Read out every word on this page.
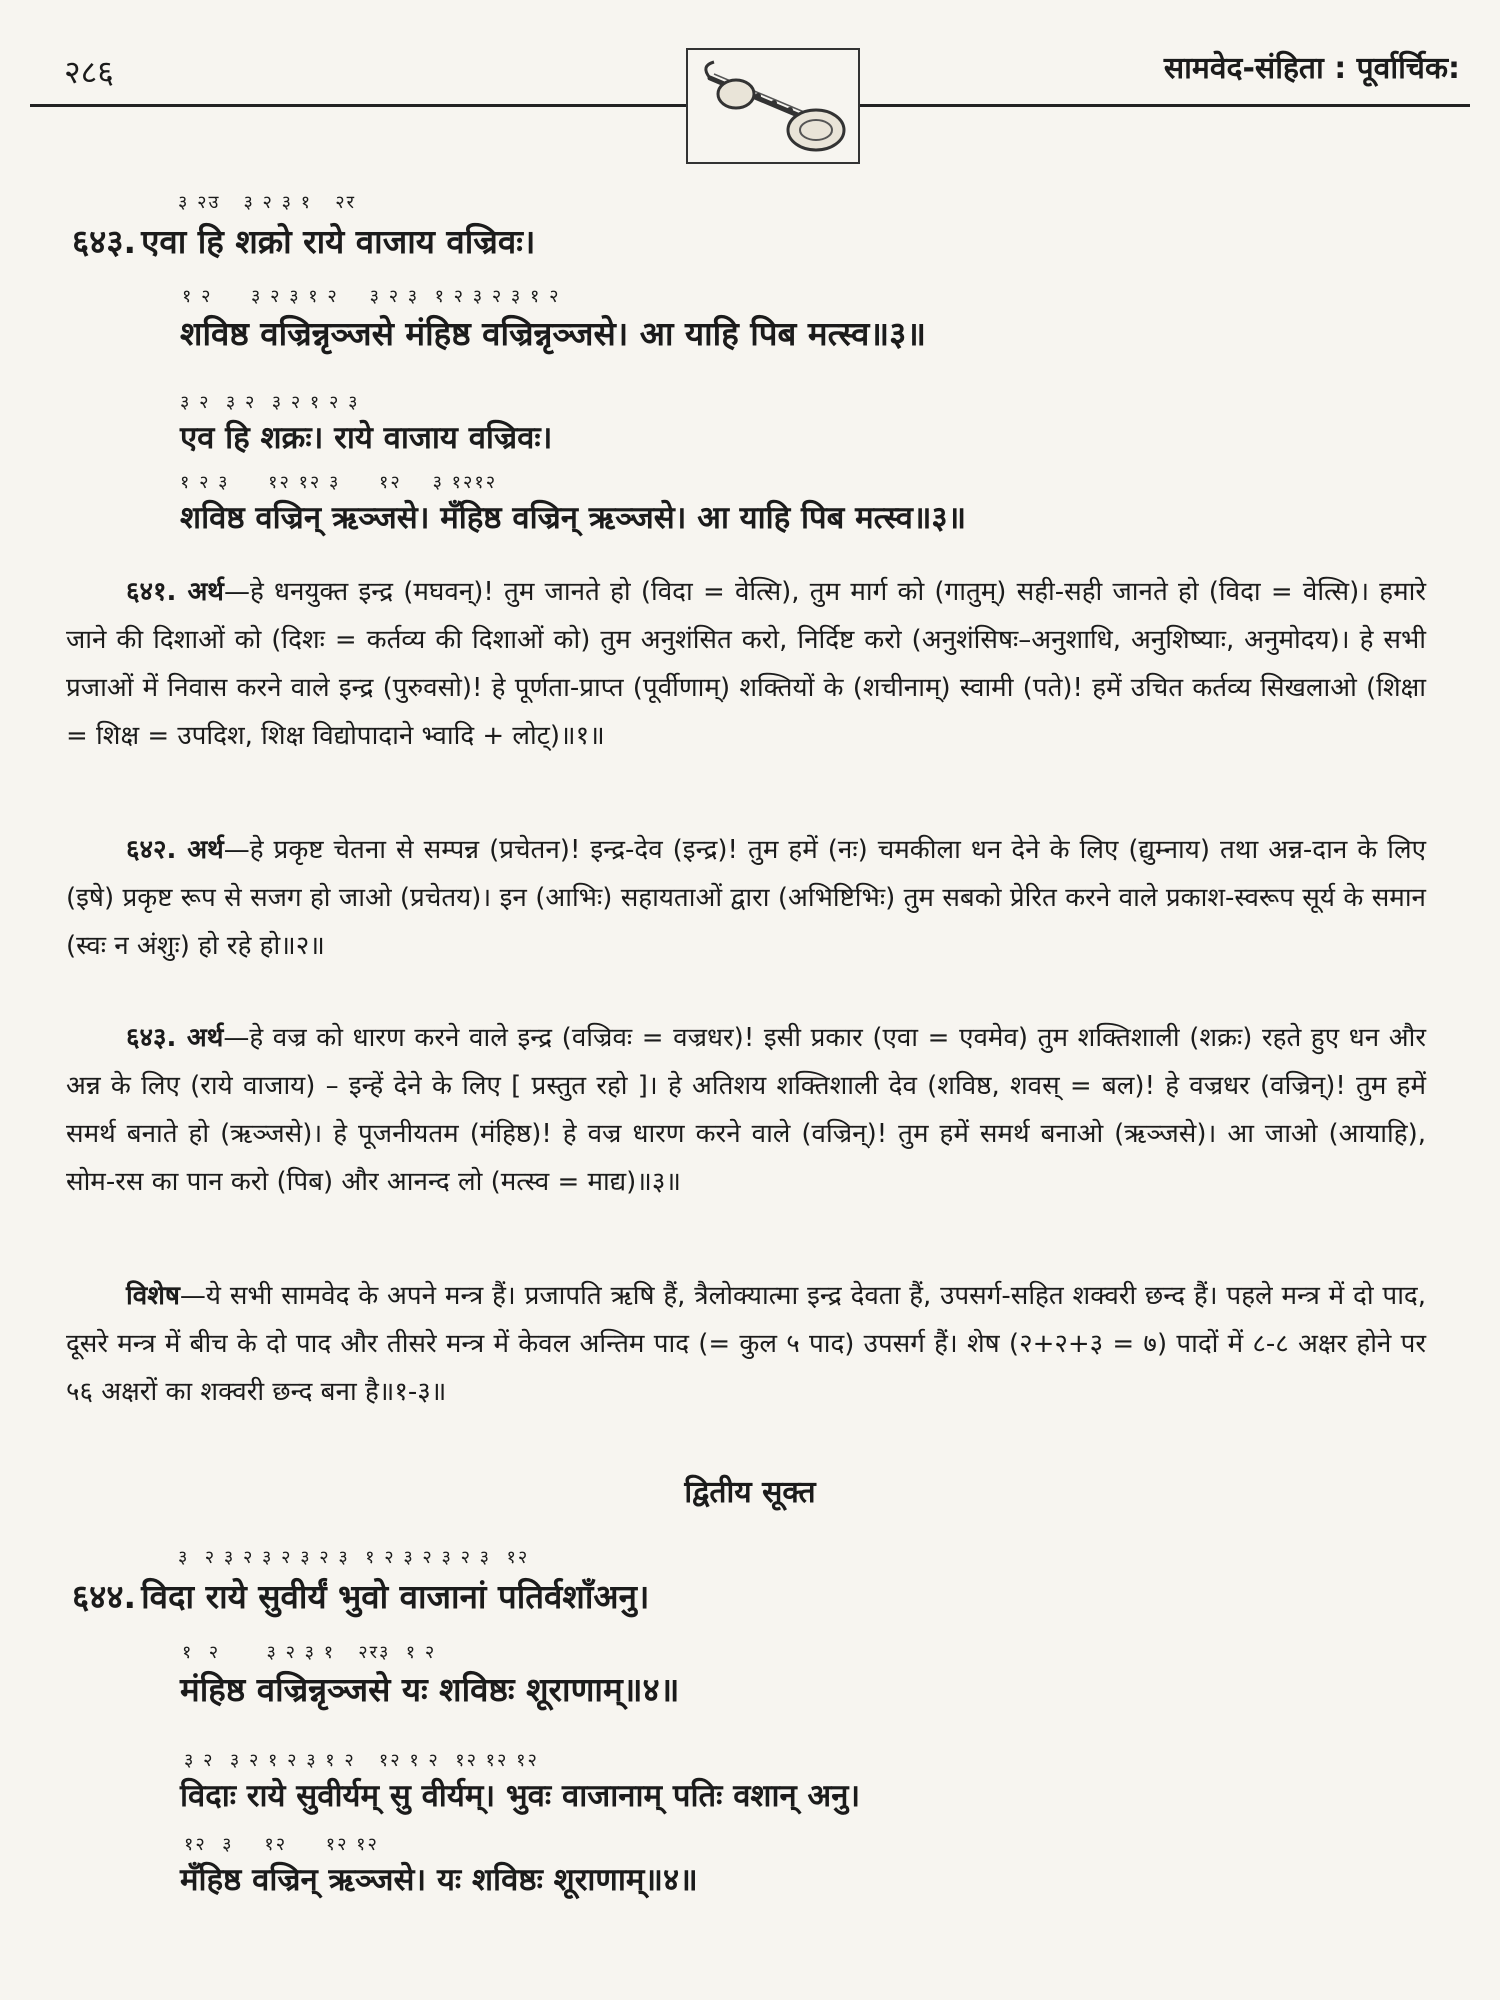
२८६	सामवेद-संहिता : पूर्वार्चिक:
३ २उ   ३ २ ३ १   २र
६४३. एवा हि शक्रो राये वाजाय वज्रिवः।
१ २     ३ २ ३ १ २    ३ २ ३  १ २ ३ २ ३ १ २
शविष्ठ वज्रिन्नृञ्जसे मंहिष्ठ वज्रिन्नृञ्जसे। आ याहि पिब मत्स्व॥३॥
३ २  ३ २  ३ २ १ २ ३
एव हि शक्रः। राये वाजाय वज्रिवः।
१ २ ३     १२ १२ ३     १२    ३ १२१२
शविष्ठ वज्रिन् ऋञ्जसे। मँहिष्ठ वज्रिन् ऋञ्जसे। आ याहि पिब मत्स्व॥३॥

६४१. अर्थ—हे धनयुक्त इन्द्र (मघवन्)! तुम जानते हो (विदा = वेत्सि), तुम मार्ग को (गातुम्) सही-सही जानते हो (विदा = वेत्सि)। हमारे जाने की दिशाओं को (दिशः = कर्तव्य की दिशाओं को) तुम अनुशंसित करो, निर्दिष्ट करो (अनुशंसिषः–अनुशाधि, अनुशिष्याः, अनुमोदय)। हे सभी प्रजाओं में निवास करने वाले इन्द्र (पुरुवसो)! हे पूर्णता-प्राप्त (पूर्वीणाम्) शक्तियों के (शचीनाम्) स्वामी (पते)! हमें उचित कर्तव्य सिखलाओ (शिक्षा = शिक्ष = उपदिश, शिक्ष विद्योपादाने भ्वादि + लोट्)॥१॥

६४२. अर्थ—हे प्रकृष्ट चेतना से सम्पन्न (प्रचेतन)! इन्द्र-देव (इन्द्र)! तुम हमें (नः) चमकीला धन देने के लिए (द्युम्नाय) तथा अन्न-दान के लिए (इषे) प्रकृष्ट रूप से सजग हो जाओ (प्रचेतय)। इन (आभिः) सहायताओं द्वारा (अभिष्टिभिः) तुम सबको प्रेरित करने वाले प्रकाश-स्वरूप सूर्य के समान (स्वः न अंशुः) हो रहे हो॥२॥

६४३. अर्थ—हे वज्र को धारण करने वाले इन्द्र (वज्रिवः = वज्रधर)! इसी प्रकार (एवा = एवमेव) तुम शक्तिशाली (शक्रः) रहते हुए धन और अन्न के लिए (राये वाजाय) – इन्हें देने के लिए [ प्रस्तुत रहो ]। हे अतिशय शक्तिशाली देव (शविष्ठ, शवस् = बल)! हे वज्रधर (वज्रिन्)! तुम हमें समर्थ बनाते हो (ऋञ्जसे)। हे पूजनीयतम (मंहिष्ठ)! हे वज्र धारण करने वाले (वज्रिन्)! तुम हमें समर्थ बनाओ (ऋञ्जसे)। आ जाओ (आयाहि), सोम-रस का पान करो (पिब) और आनन्द लो (मत्स्व = माद्य)॥३॥

विशेष—ये सभी सामवेद के अपने मन्त्र हैं। प्रजापति ऋषि हैं, त्रैलोक्यात्मा इन्द्र देवता हैं, उपसर्ग-सहित शक्वरी छन्द हैं। पहले मन्त्र में दो पाद, दूसरे मन्त्र में बीच के दो पाद और तीसरे मन्त्र में केवल अन्तिम पाद (= कुल ५ पाद) उपसर्ग हैं। शेष (२+२+३ = ७) पादों में ८-८ अक्षर होने पर ५६ अक्षरों का शक्वरी छन्द बना है॥१-३॥

द्वितीय सूक्त
३  २ ३ २ ३ २ ३ २ ३  १ २ ३ २ ३ २ ३  १२
६४४. विदा राये सुवीर्यं भुवो वाजानां पतिर्वशाँअनु।
१  २      ३ २ ३ १   २र३  १ २
मंहिष्ठ वज्रिन्नृञ्जसे यः शविष्ठः शूराणाम्॥४॥
३ २  ३ २ १ २ ३ १ २   १२ १ २  १२ १२ १२
विदाः राये सुवीर्यम् सु वीर्यम्। भुवः वाजानाम् पतिः वशान् अनु।
१२  ३    १२     १२ १२
मँहिष्ठ वज्रिन् ऋञ्जसे। यः शविष्ठः शूराणाम्॥४॥
